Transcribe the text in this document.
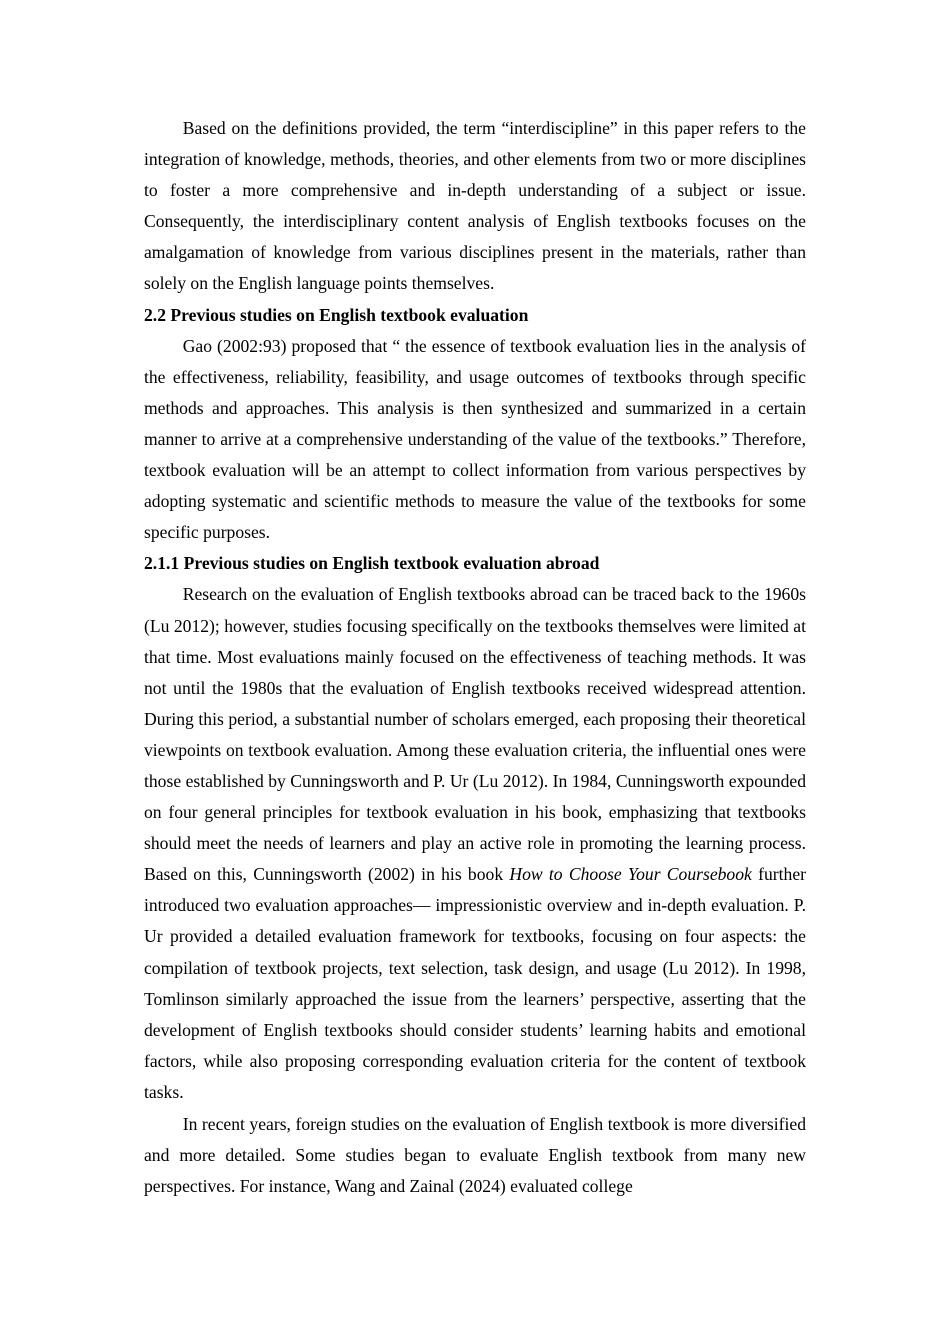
Based on the definitions provided, the term “interdiscipline” in this paper refers to the integration of knowledge, methods, theories, and other elements from two or more disciplines to foster a more comprehensive and in-depth understanding of a subject or issue. Consequently, the interdisciplinary content analysis of English textbooks focuses on the amalgamation of knowledge from various disciplines present in the materials, rather than solely on the English language points themselves.

2.2 Previous studies on English textbook evaluation

Gao (2002:93) proposed that “ the essence of textbook evaluation lies in the analysis of the effectiveness, reliability, feasibility, and usage outcomes of textbooks through specific methods and approaches. This analysis is then synthesized and summarized in a certain manner to arrive at a comprehensive understanding of the value of the textbooks.” Therefore, textbook evaluation will be an attempt to collect information from various perspectives by adopting systematic and scientific methods to measure the value of the textbooks for some specific purposes.

2.1.1 Previous studies on English textbook evaluation abroad

Research on the evaluation of English textbooks abroad can be traced back to the 1960s (Lu 2012); however, studies focusing specifically on the textbooks themselves were limited at that time. Most evaluations mainly focused on the effectiveness of teaching methods. It was not until the 1980s that the evaluation of English textbooks received widespread attention. During this period, a substantial number of scholars emerged, each proposing their theoretical viewpoints on textbook evaluation. Among these evaluation criteria, the influential ones were those established by Cunningsworth and P. Ur (Lu 2012). In 1984, Cunningsworth expounded on four general principles for textbook evaluation in his book, emphasizing that textbooks should meet the needs of learners and play an active role in promoting the learning process. Based on this, Cunningsworth (2002) in his book How to Choose Your Coursebook further introduced two evaluation approaches— impressionistic overview and in-depth evaluation. P. Ur provided a detailed evaluation framework for textbooks, focusing on four aspects: the compilation of textbook projects, text selection, task design, and usage (Lu 2012). In 1998, Tomlinson similarly approached the issue from the learners’ perspective, asserting that the development of English textbooks should consider students’ learning habits and emotional factors, while also proposing corresponding evaluation criteria for the content of textbook tasks.

In recent years, foreign studies on the evaluation of English textbook is more diversified and more detailed. Some studies began to evaluate English textbook from many new perspectives. For instance, Wang and Zainal (2024) evaluated college
